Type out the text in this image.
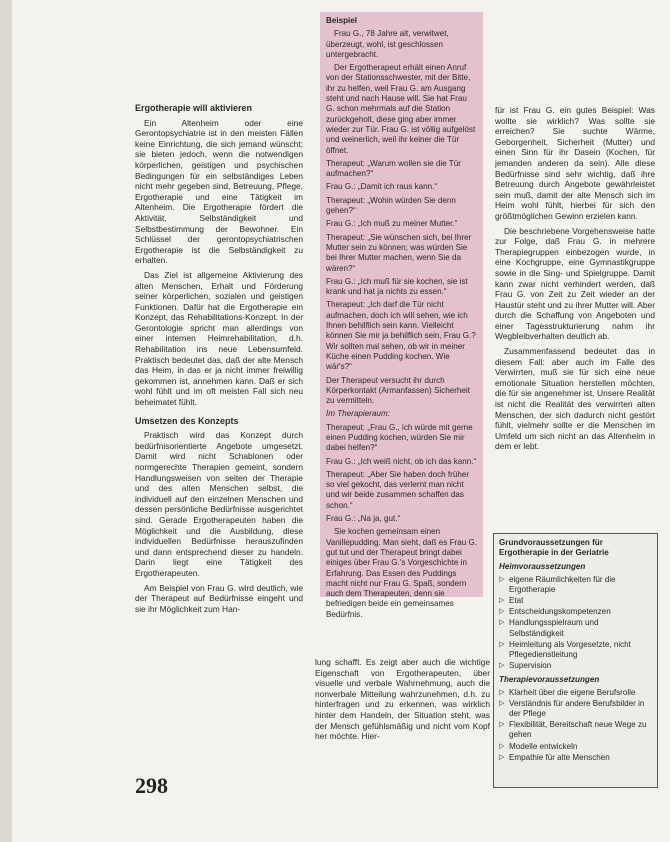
Ergotherapie will aktivieren

Ein Altenheim oder eine Gerontopsychiatrie ist in den meisten Fällen keine Einrichtung, die sich jemand wünscht; sie bieten jedoch, wenn die notwendigen körperlichen, geistigen und psychischen Bedingungen für ein selbständiges Leben nicht mehr gegeben sind, Betreuung, Pflege, Ergotherapie und eine Tätigkeit im Altenheim. Die Ergotherapie fördert die Aktivität, Selbständigkeit und Selbstbestimmung der Bewohner. Ein Schlüssel der gerontopsychiatrischen Ergotherapie ist die Selbständigkeit zu erhalten.

Das Ziel ist allgemeine Aktivierung des alten Menschen, Erhalt und Förderung seiner körperlichen, sozialen und geistigen Funktionen. Dafür hat die Ergotherapie ein Konzept, das Rehabilitations-Konzept. In der Gerontologie spricht man allerdings von einer internen Heimrehabilitation, d.h. Rehabilitation ins neue Lebensumfeld. Praktisch bedeutet das, daß der alte Mensch das Heim, in das er ja nicht immer freiwillig gekommen ist, annehmen kann. Daß er sich wohl fühlt und im oft meisten Fall sich neu beheimatet fühlt.

Umsetzen des Konzepts

Praktisch wird das Konzept durch bedürfnisorientierte Angebote umgesetzt. Damit wird nicht Schablonen oder normgerechte Therapien gemeint, sondern Handlungsweisen von seiten der Therapie und des alten Menschen selbst, die individuell auf den einzelnen Menschen und dessen persönliche Bedürfnisse ausgerichtet sind. Gerade Ergotherapeuten haben die Möglichkeit und die Ausbildung, diese individuellen Bedürfnisse herauszufinden und dann entsprechend dieser zu handeln. Darin liegt eine Tätigkeit des Ergotherapeuten.

Am Beispiel von Frau G. wird deutlich, wie der Therapeut auf Bedürfnisse eingeht und sie ihr Möglichkeit zum Han-

Beispiel

Frau G., 78 Jahre alt, verwitwet, überzeugt, wohl, ist geschlossen untergebracht.

Der Ergotherapeut erhält einen Anruf von der Stationsschwester, mit der Bitte, ihr zu helfen, weil Frau G. am Ausgang steht und nach Hause will. Sie hat Frau G. schon mehrmals auf die Station zurückgeholt, diese ging aber immer wieder zur Tür. Frau G. ist völlig aufgelöst und weinerlich, weil ihr keiner die Tür öffnet.

Therapeut: „Warum wollen sie die Tür aufmachen?“

Frau G.: „Damit ich raus kann.“

Therapeut: „Wohin würden Sie denn gehen?“

Frau G.: „Ich muß zu meiner Mutter.“

Therapeut: „Sie wünschen sich, bei Ihrer Mutter sein zu können; was würden Sie bei Ihrer Mutter machen, wenn Sie da wären?“

Frau G.: „Ich muß für sie kochen, sie ist krank und hat ja nichts zu essen.“

Therapeut: „Ich darf die Tür nicht aufmachen, doch ich will sehen, wie ich Ihnen behilflich sein kann. Vielleicht können Sie mir ja behilflich sein, Frau G.? Wir sollten mal sehen, ob wir in meiner Küche einen Pudding kochen. Wie wär's?“

Der Therapeut versucht ihr durch Körperkontakt (Armanfassen) Sicherheit zu vermitteln.

Im Therapieraum:

Therapeut: „Frau G., ich würde mit gerne einen Pudding kochen, würden Sie mir dabei helfen?“

Frau G.: „Ich weiß nicht, ob ich das kann.“

Therapeut: „Aber Sie haben doch früher so viel gekocht, das verlernt man nicht und wir beide zusammen schaffen das schon.“

Frau G.: „Na ja, gut.“

Sie kochen gemeinsam einen Vanillepudding. Man sieht, daß es Frau G. gut tut und der Therapeut bringt dabei einiges über Frau G.'s Vorgeschichte in Erfahrung. Das Essen des Puddings macht nicht nur Frau G. Spaß, sondern auch dem Therapeuten, denn sie befriedigen beide ein gemeinsames Bedürfnis.

lung schafft. Es zeigt aber auch die wichtige Eigenschaft von Ergotherapeuten, über visuelle und verbale Wahrnehmung, auch die nonverbale Mitteilung wahrzunehmen, d.h. zu hinterfragen und zu erkennen, was wirklich hinter dem Handeln, der Situation steht, was der Mensch gefühlsmäßig und nicht vom Kopf her möchte. Hier-

für ist Frau G. ein gutes Beispiel: Was wollte sie wirklich? Was sollte sie erreichen? Sie suchte Wärme, Geborgenheit, Sicherheit (Mutter) und einen Sinn für ihr Dasein (Kochen, für jemanden anderen da sein). Alle diese Bedürfnisse sind sehr wichtig, daß ihre Betreuung durch Angebote gewährleistet sein muß, damit der alte Mensch sich im Heim wohl fühlt, hierbei für sich den größtmöglichen Gewinn erzielen kann.

Die beschriebene Vorgehensweise hatte zur Folge, daß Frau G. in mehrere Therapiegruppen einbezogen wurde, in eine Kochgruppe, eine Gymnastikgruppe sowie in die Sing- und Spielgruppe. Damit kann zwar nicht verhindert werden, daß Frau G. von Zeit zu Zeit wieder an der Haustür steht und zu ihrer Mutter will. Aber durch die Schaffung von Angeboten und einer Tagesstrukturierung nahm ihr Wegbleibverhalten deutlich ab.

Zusammenfassend bedeutet das in diesem Fall: aber auch im Falle des Verwirrten, muß sie für sich eine neue emotionale Situation herstellen möchten, die für sie angenehmer ist. Unsere Realität ist nicht die Realität des verwirrten alten Menschen, der sich dadurch nicht gestört fühlt, vielmehr sollte er die Menschen im Umfeld um sich nicht an das Altenheim in dem er lebt.

Grundvoraussetzungen für Ergotherapie in der Geriatrie

Heimvoraussetzungen

▷ eigene Räumlichkeiten für die Ergotherapie
▷ Etat
▷ Entscheidungskompetenzen
▷ Handlungsspielraum und Selbständigkeit
▷ Heimleitung als Vorgesetzte, nicht Pflegedienstleitung
▷ Supervision

Therapievoraussetzungen

▷ Klarheit über die eigene Berufsrolle
▷ Verständnis für andere Berufsbilder in der Pflege
▷ Flexibilität, Bereitschaft neue Wege zu gehen
▷ Modelle entwickeln
▷ Empathie für alte Menschen
298
